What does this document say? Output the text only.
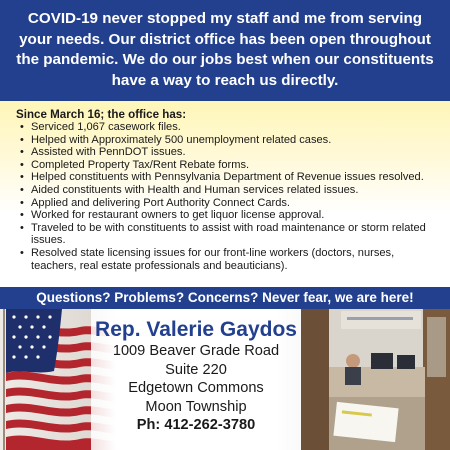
COVID-19 never stopped my staff and me from serving

your needs. Our district office has been open throughout

the pandemic. We do our jobs best when our constituents

have a way to reach us directly.

Since March 16; the office has:
• Serviced 1,067 casework files.
• Helped with Approximately 500 unemployment related cases.
• Assisted with PennDOT issues.
• Completed Property Tax/Rent Rebate forms.
• Helped constituents with Pennsylvania Department of Revenue issues resolved.
• Aided constituents with Health and Human services related issues.
• Applied and delivering Port Authority Connect Cards.
• Worked for restaurant owners to get liquor license approval.
• Traveled to be with constituents to assist with road maintenance or storm related issues.
• Resolved state licensing issues for our front-line workers (doctors, nurses, teachers, real estate professionals and beauticians).
Questions? Problems? Concerns? Never fear, we are here!
Rep. Valerie Gaydos
1009 Beaver Grade Road
Suite 220
Edgetown Commons
Moon Township
Ph: 412-262-3780
